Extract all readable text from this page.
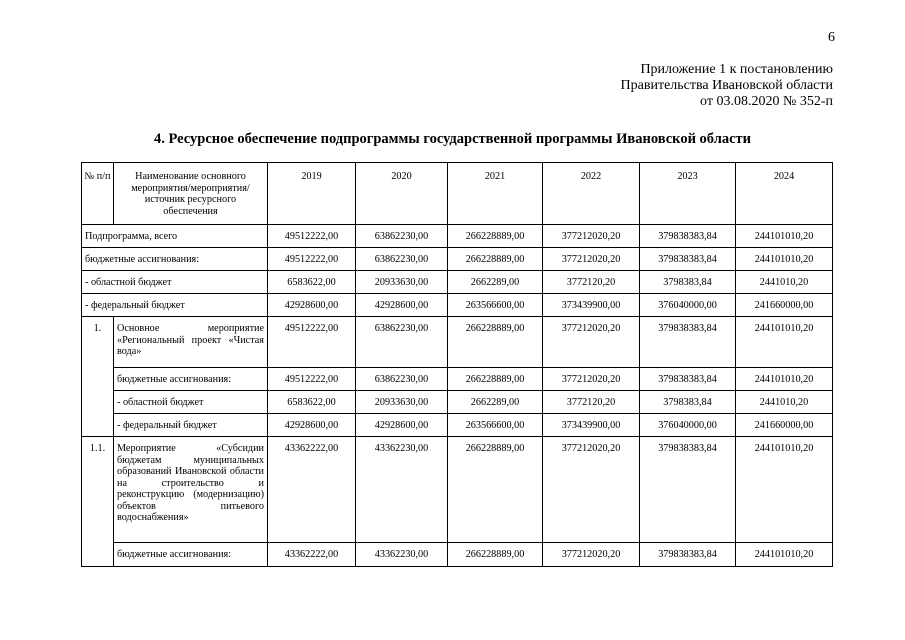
6
Приложение 1 к постановлению
Правительства Ивановской области
от 03.08.2020 № 352-п
4. Ресурсное обеспечение подпрограммы государственной программы Ивановской области
№ п/п	Наименование основного мероприятия/мероприятия/ источник ресурсного обеспечения	2019	2020	2021	2022	2023	2024
Подпрограмма, всего		49512222,00	63862230,00	266228889,00	377212020,20	379838383,84	244101010,20
бюджетные ассигнования:		49512222,00	63862230,00	266228889,00	377212020,20	379838383,84	244101010,20
- областной бюджет		6583622,00	20933630,00	2662289,00	3772120,20	3798383,84	2441010,20
- федеральный бюджет		42928600,00	42928600,00	263566600,00	373439900,00	376040000,00	241660000,00
1.	Основное мероприятие «Региональный проект «Чистая вода»	49512222,00	63862230,00	266228889,00	377212020,20	379838383,84	244101010,20
	бюджетные ассигнования:	49512222,00	63862230,00	266228889,00	377212020,20	379838383,84	244101010,20
	- областной бюджет	6583622,00	20933630,00	2662289,00	3772120,20	3798383,84	2441010,20
	- федеральный бюджет	42928600,00	42928600,00	263566600,00	373439900,00	376040000,00	241660000,00
1.1.	Мероприятие «Субсидии бюджетам муниципальных образований Ивановской области на строительство и реконструкцию (модернизацию) объектов питьевого водоснабжения»	43362222,00	43362230,00	266228889,00	377212020,20	379838383,84	244101010,20
	бюджетные ассигнования:	43362222,00	43362230,00	266228889,00	377212020,20	379838383,84	244101010,20
